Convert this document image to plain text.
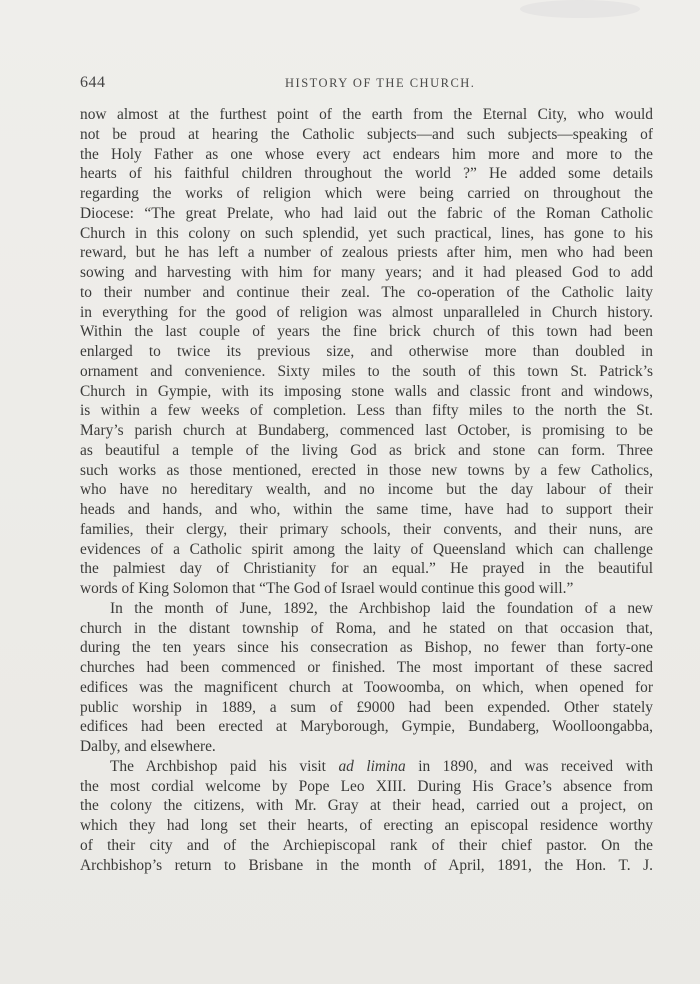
644	HISTORY OF THE CHURCH.
now almost at the furthest point of the earth from the Eternal City, who would
not be proud at hearing the Catholic subjects—and such subjects—speaking of
the Holy Father as one whose every act endears him more and more to the
hearts of his faithful children throughout the world ?” He added some details
regarding the works of religion which were being carried on throughout the
Diocese: “The great Prelate, who had laid out the fabric of the Roman Catholic
Church in this colony on such splendid, yet such practical, lines, has gone to his
reward, but he has left a number of zealous priests after him, men who had been
sowing and harvesting with him for many years; and it had pleased God to add
to their number and continue their zeal. The co-operation of the Catholic laity
in everything for the good of religion was almost unparalleled in Church history.
Within the last couple of years the fine brick church of this town had been
enlarged to twice its previous size, and otherwise more than doubled in
ornament and convenience. Sixty miles to the south of this town St. Patrick’s
Church in Gympie, with its imposing stone walls and classic front and windows,
is within a few weeks of completion. Less than fifty miles to the north the St.
Mary’s parish church at Bundaberg, commenced last October, is promising to be
as beautiful a temple of the living God as brick and stone can form. Three
such works as those mentioned, erected in those new towns by a few Catholics,
who have no hereditary wealth, and no income but the day labour of their
heads and hands, and who, within the same time, have had to support their
families, their clergy, their primary schools, their convents, and their nuns, are
evidences of a Catholic spirit among the laity of Queensland which can challenge
the palmiest day of Christianity for an equal.” He prayed in the beautiful
words of King Solomon that “The God of Israel would continue this good will.”
In the month of June, 1892, the Archbishop laid the foundation of a new
church in the distant township of Roma, and he stated on that occasion that,
during the ten years since his consecration as Bishop, no fewer than forty-one
churches had been commenced or finished. The most important of these sacred
edifices was the magnificent church at Toowoomba, on which, when opened for
public worship in 1889, a sum of £9000 had been expended. Other stately
edifices had been erected at Maryborough, Gympie, Bundaberg, Woolloongabba,
Dalby, and elsewhere.
The Archbishop paid his visit ad limina in 1890, and was received with
the most cordial welcome by Pope Leo XIII. During His Grace’s absence from
the colony the citizens, with Mr. Gray at their head, carried out a project, on
which they had long set their hearts, of erecting an episcopal residence worthy
of their city and of the Archiepiscopal rank of their chief pastor. On the
Archbishop’s return to Brisbane in the month of April, 1891, the Hon. T. J.
